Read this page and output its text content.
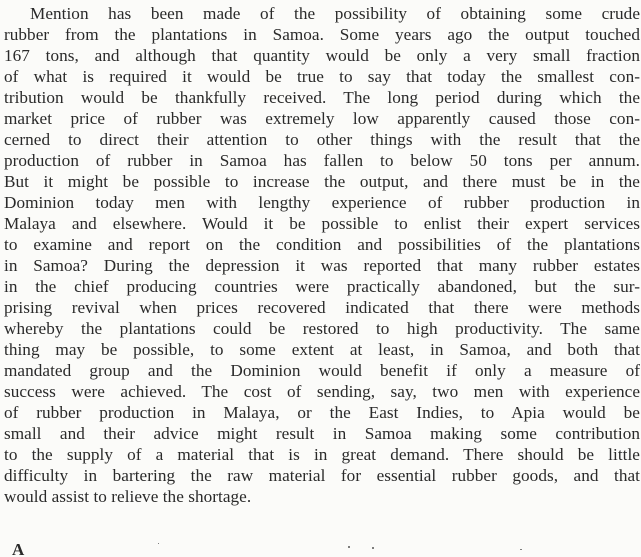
Mention has been made of the possibility of obtaining some crude
rubber from the plantations in Samoa. Some years ago the output touched
167 tons, and although that quantity would be only a very small fraction
of what is required it would be true to say that today the smallest con-
tribution would be thankfully received. The long period during which the
market price of rubber was extremely low apparently caused those con-
cerned to direct their attention to other things with the result that the
production of rubber in Samoa has fallen to below 50 tons per annum.
But it might be possible to increase the output, and there must be in the
Dominion today men with lengthy experience of rubber production in
Malaya and elsewhere. Would it be possible to enlist their expert services
to examine and report on the condition and possibilities of the plantations
in Samoa? During the depression it was reported that many rubber estates
in the chief producing countries were practically abandoned, but the sur-
prising revival when prices recovered indicated that there were methods
whereby the plantations could be restored to high productivity. The same
thing may be possible, to some extent at least, in Samoa, and both that
mandated group and the Dominion would benefit if only a measure of
success were achieved. The cost of sending, say, two men with experience
of rubber production in Malaya, or the East Indies, to Apia would be
small and their advice might result in Samoa making some contribution
to the supply of a material that is in great demand. There should be little
difficulty in bartering the raw material for essential rubber goods, and that
would assist to relieve the shortage.
A
